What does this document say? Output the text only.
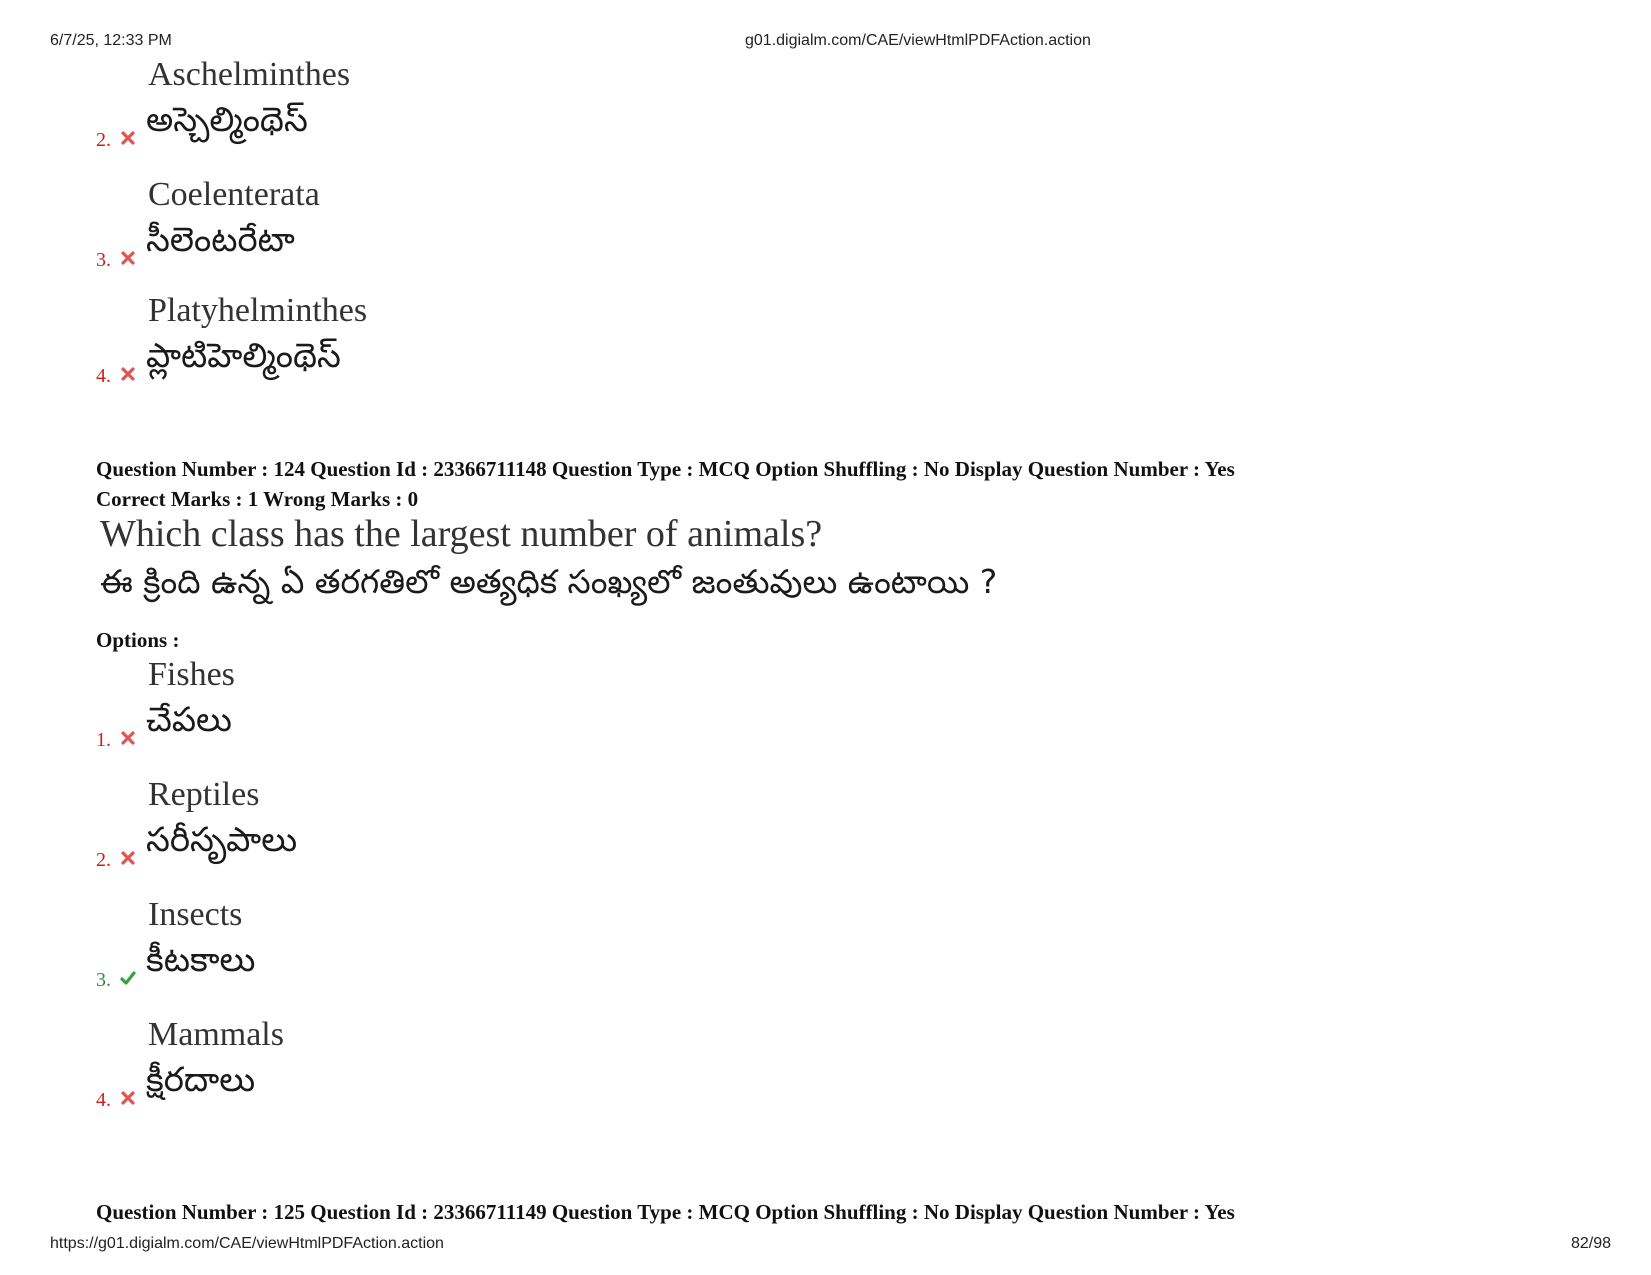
6/7/25, 12:33 PM	g01.digialm.com/CAE/viewHtmlPDFAction.action
Aschelminthes
అస్చెల్మింథెస్
2.
Coelenterata
సీలెంటరేటా
3.
Platyhelminthes
ప్లాటిహెల్మింథెస్
4.
Question Number : 124 Question Id : 23366711148 Question Type : MCQ Option Shuffling : No Display Question Number : Yes
Correct Marks : 1 Wrong Marks : 0
Which class has the largest number of animals?
ఈ క్రింది ఉన్న ఏ తరగతిలో అత్యధిక సంఖ్యలో జంతువులు ఉంటాయి ?
Options :
Fishes
చేపలు
1.
Reptiles
సరీసృపాలు
2.
Insects
కీటకాలు
3.
Mammals
క్షీరదాలు
4.
Question Number : 125 Question Id : 23366711149 Question Type : MCQ Option Shuffling : No Display Question Number : Yes
https://g01.digialm.com/CAE/viewHtmlPDFAction.action	82/98
